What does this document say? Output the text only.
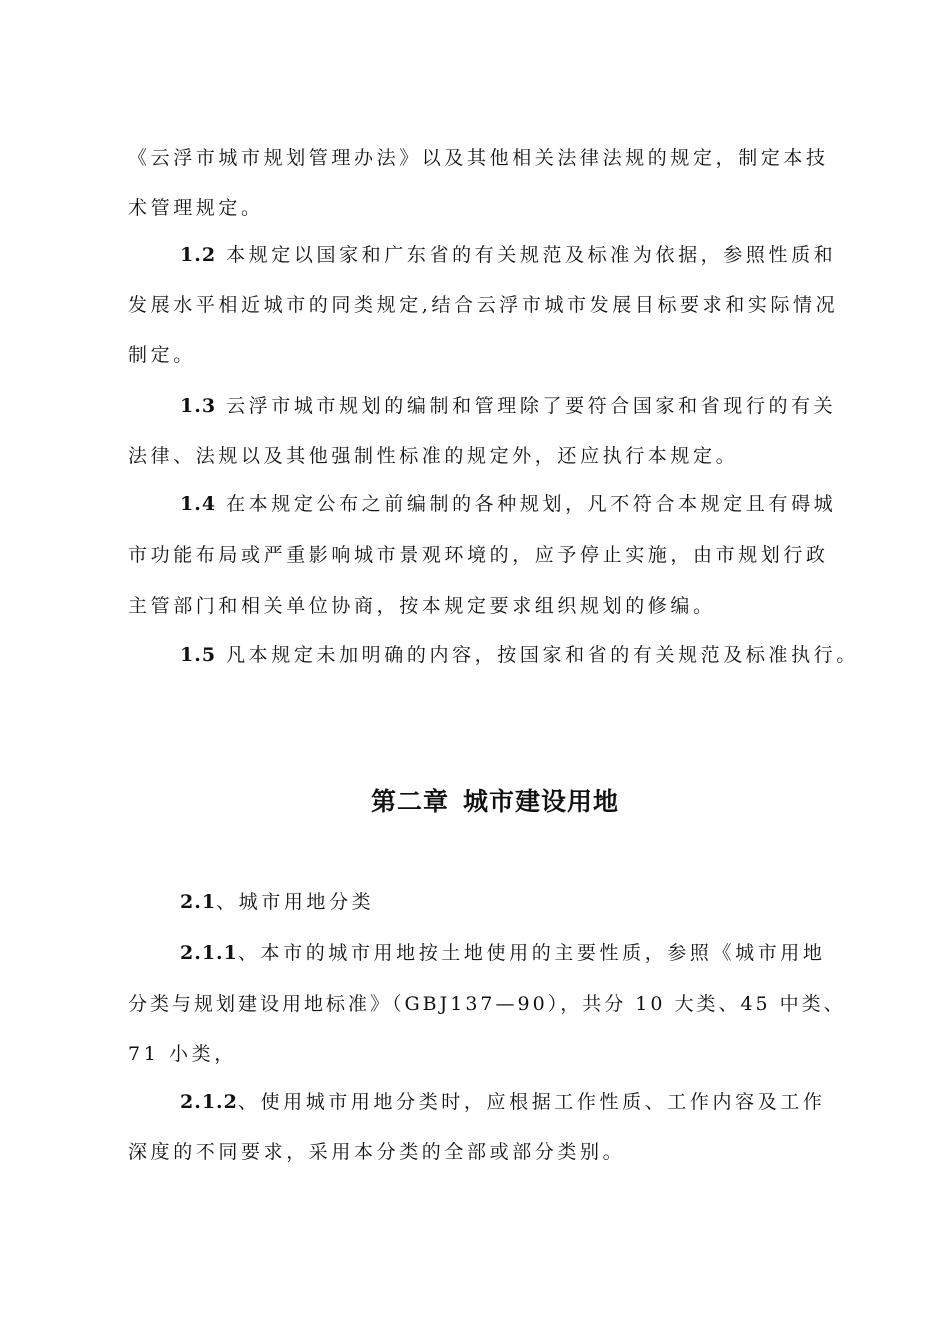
《云浮市城市规划管理办法》以及其他相关法律法规的规定，制定本技
术管理规定。
1.2 本规定以国家和广东省的有关规范及标准为依据，参照性质和
发展水平相近城市的同类规定,结合云浮市城市发展目标要求和实际情况
制定。
1.3 云浮市城市规划的编制和管理除了要符合国家和省现行的有关
法律、法规以及其他强制性标准的规定外，还应执行本规定。
1.4 在本规定公布之前编制的各种规划，凡不符合本规定且有碍城
市功能布局或严重影响城市景观环境的，应予停止实施，由市规划行政
主管部门和相关单位协商，按本规定要求组织规划的修编。
1.5 凡本规定未加明确的内容，按国家和省的有关规范及标准执行。
第二章 城市建设用地
2.1、城市用地分类
2.1.1、本市的城市用地按土地使用的主要性质，参照《城市用地
分类与规划建设用地标准》（GBJ137—90），共分 10 大类、45 中类、
71 小类，
2.1.2、使用城市用地分类时，应根据工作性质、工作内容及工作
深度的不同要求，采用本分类的全部或部分类别。
